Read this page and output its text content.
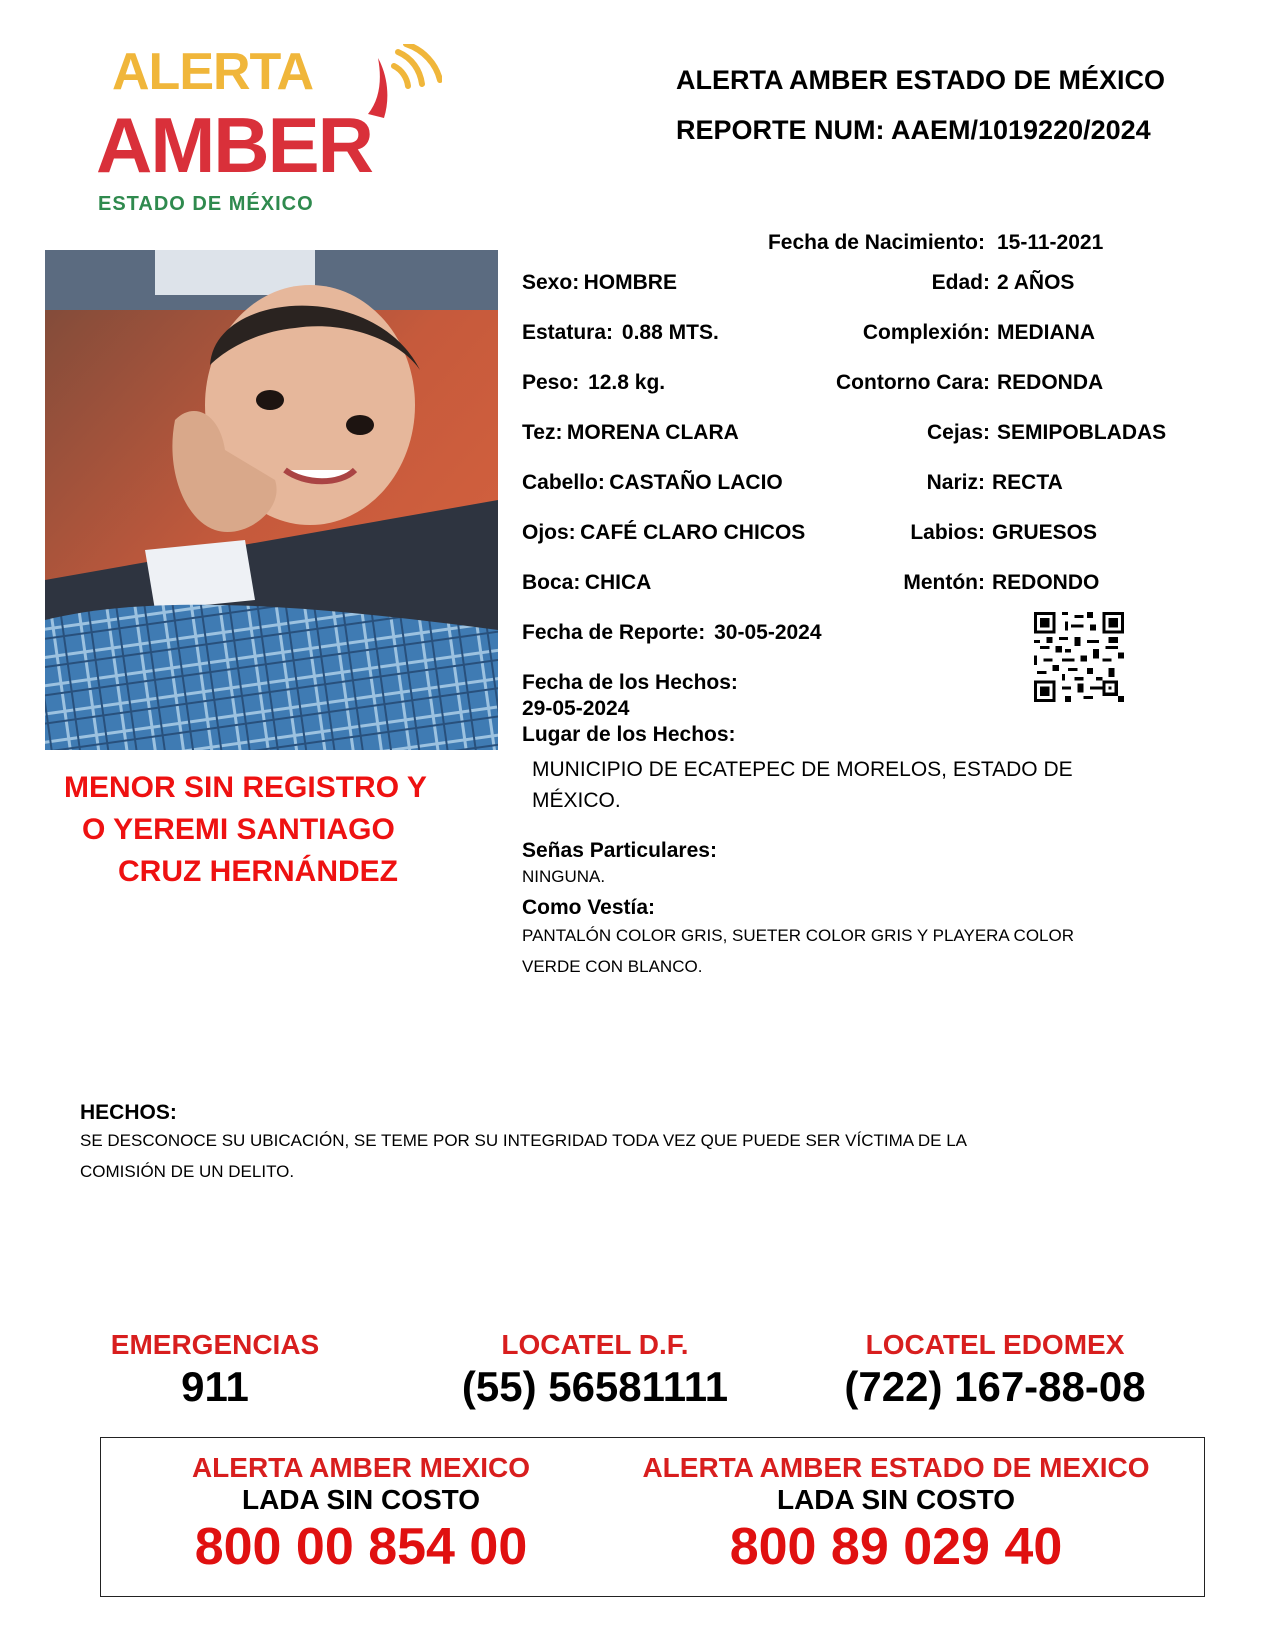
ALERTA
AMBER
ESTADO DE MÉXICO
ALERTA AMBER ESTADO DE MÉXICO
REPORTE NUM: AAEM/1019220/2024
MENOR SIN REGISTRO Y
O YEREMI SANTIAGO
CRUZ HERNÁNDEZ
Fecha de Nacimiento: 15-11-2021
Sexo: HOMBRE
Estatura: 0.88 MTS.
Peso: 12.8 kg.
Tez: MORENA CLARA
Cabello: CASTAÑO LACIO
Ojos: CAFÉ CLARO CHICOS
Boca: CHICA
Fecha de Reporte: 30-05-2024
Fecha de los Hechos: 29-05-2024
Edad: 2 AÑOS
Complexión: MEDIANA
Contorno Cara: REDONDA
Cejas: SEMIPOBLADAS
Nariz: RECTA
Labios: GRUESOS
Mentón: REDONDO
Lugar de los Hechos:
MUNICIPIO DE ECATEPEC DE MORELOS, ESTADO DE
MÉXICO.
Señas Particulares:
NINGUNA.
Como Vestía:
PANTALÓN COLOR GRIS, SUETER COLOR GRIS Y PLAYERA COLOR
VERDE CON BLANCO.
HECHOS:
SE DESCONOCE SU UBICACIÓN, SE TEME POR SU INTEGRIDAD TODA VEZ QUE PUEDE SER VÍCTIMA DE LA
COMISIÓN DE UN DELITO.
EMERGENCIAS
911
LOCATEL D.F.
(55) 56581111
LOCATEL EDOMEX
(722) 167-88-08
ALERTA AMBER MEXICO
LADA SIN COSTO
800 00 854 00
ALERTA AMBER ESTADO DE MEXICO
LADA SIN COSTO
800 89 029 40
